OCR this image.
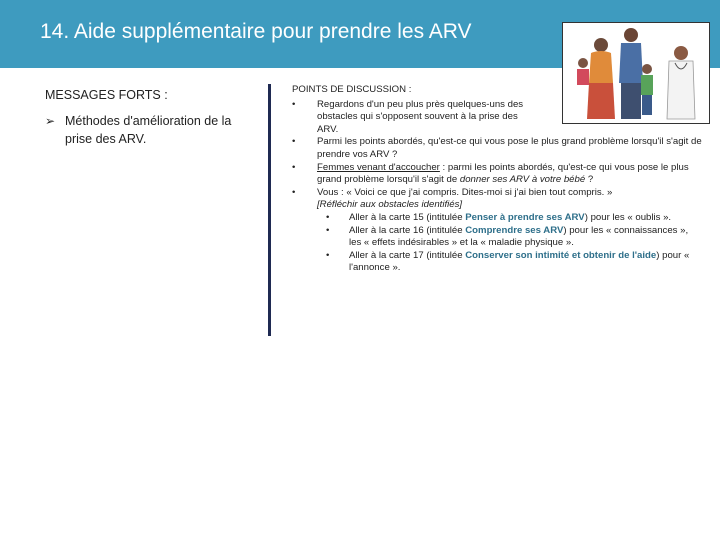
14. Aide supplémentaire pour prendre les ARV

MESSAGES FORTS :

➢ Méthodes d'amélioration de la prise des ARV.
POINTS DE DISCUSSION :
• Regardons d'un peu plus près quelques-uns des obstacles qui s'opposent souvent à la prise des ARV.
• Parmi les points abordés, qu'est-ce qui vous pose le plus grand problème lorsqu'il s'agit de prendre vos ARV ?
• Femmes venant d'accoucher : parmi les points abordés, qu'est-ce qui vous pose le plus grand problème lorsqu'il s'agit de donner ses ARV à votre bébé ?
• Vous : « Voici ce que j'ai compris. Dites-moi si j'ai bien tout compris. »
[Réfléchir aux obstacles identifiés]
• Aller à la carte 15 (intitulée Penser à prendre ses ARV) pour les « oublis ».
• Aller à la carte 16 (intitulée Comprendre ses ARV) pour les « connaissances », les « effets indésirables » et la « maladie physique ».
• Aller à la carte 17 (intitulée Conserver son intimité et obtenir de l'aide) pour « l'annonce ».
